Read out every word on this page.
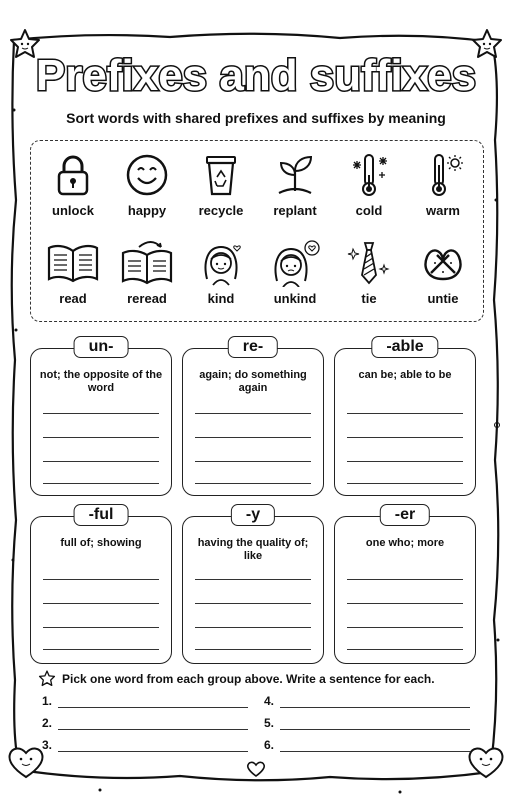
Prefixes and suffixes
Sort words with shared prefixes and suffixes by meaning
unlock	happy	recycle	replant	cold	warm
read	reread	kind	unkind	tie	untie
un-
not; the opposite of the word
re-
again; do something again
-able
can be; able to be
-ful
full of; showing
-y
having the quality of; like
-er
one who; more
Pick one word from each group above. Write a sentence for each.
1.
2.
3.
4.
5.
6.
